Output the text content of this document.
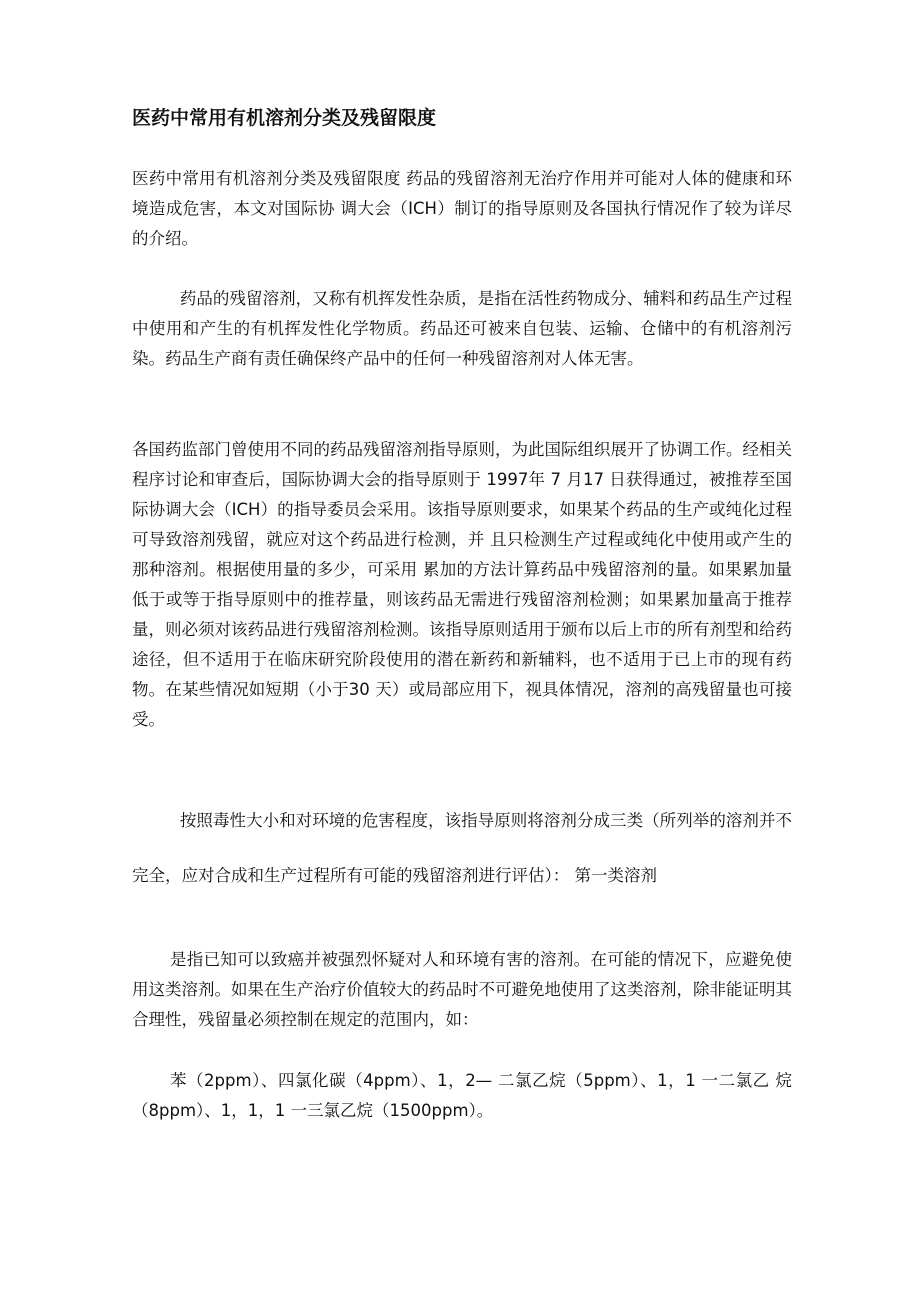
医药中常用有机溶剂分类及残留限度

医药中常用有机溶剂分类及残留限度 药品的残留溶剂无治疗作用并可能对人体的健康和环境造成危害，本文对国际协 调大会（ICH）制订的指导原则及各国执行情况作了较为详尽的介绍。

药品的残留溶剂，又称有机挥发性杂质，是指在活性药物成分、辅料和药品生产过程中使用和产生的有机挥发性化学物质。药品还可被来自包装、运输、仓储中的有机溶剂污染。药品生产商有责任确保终产品中的任何一种残留溶剂对人体无害。

各国药监部门曾使用不同的药品残留溶剂指导原则，为此国际组织展开了协调工作。经相关程序讨论和审查后，国际协调大会的指导原则于 1997年 7 月17 日获得通过，被推荐至国际协调大会（ICH）的指导委员会采用。该指导原则要求，如果某个药品的生产或纯化过程可导致溶剂残留，就应对这个药品进行检测，并 且只检测生产过程或纯化中使用或产生的那种溶剂。根据使用量的多少，可采用 累加的方法计算药品中残留溶剂的量。如果累加量低于或等于指导原则中的推荐量，则该药品无需进行残留溶剂检测；如果累加量高于推荐量，则必须对该药品进行残留溶剂检测。该指导原则适用于颁布以后上市的所有剂型和给药途径，但不适用于在临床研究阶段使用的潜在新药和新辅料，也不适用于已上市的现有药物。在某些情况如短期（小于30 天）或局部应用下，视具体情况，溶剂的高残留量也可接受。

按照毒性大小和对环境的危害程度，该指导原则将溶剂分成三类（所列举的溶剂并不完全，应对合成和生产过程所有可能的残留溶剂进行评估）： 第一类溶剂

是指已知可以致癌并被强烈怀疑对人和环境有害的溶剂。在可能的情况下，应避免使用这类溶剂。如果在生产治疗价值较大的药品时不可避免地使用了这类溶剂，除非能证明其合理性，残留量必须控制在规定的范围内，如：

苯（2ppm）、四氯化碳（4ppm）、1，2— 二氯乙烷（5ppm）、1，1 一二氯乙 烷（8ppm）、1，1，1 一三氯乙烷（1500ppm）。
